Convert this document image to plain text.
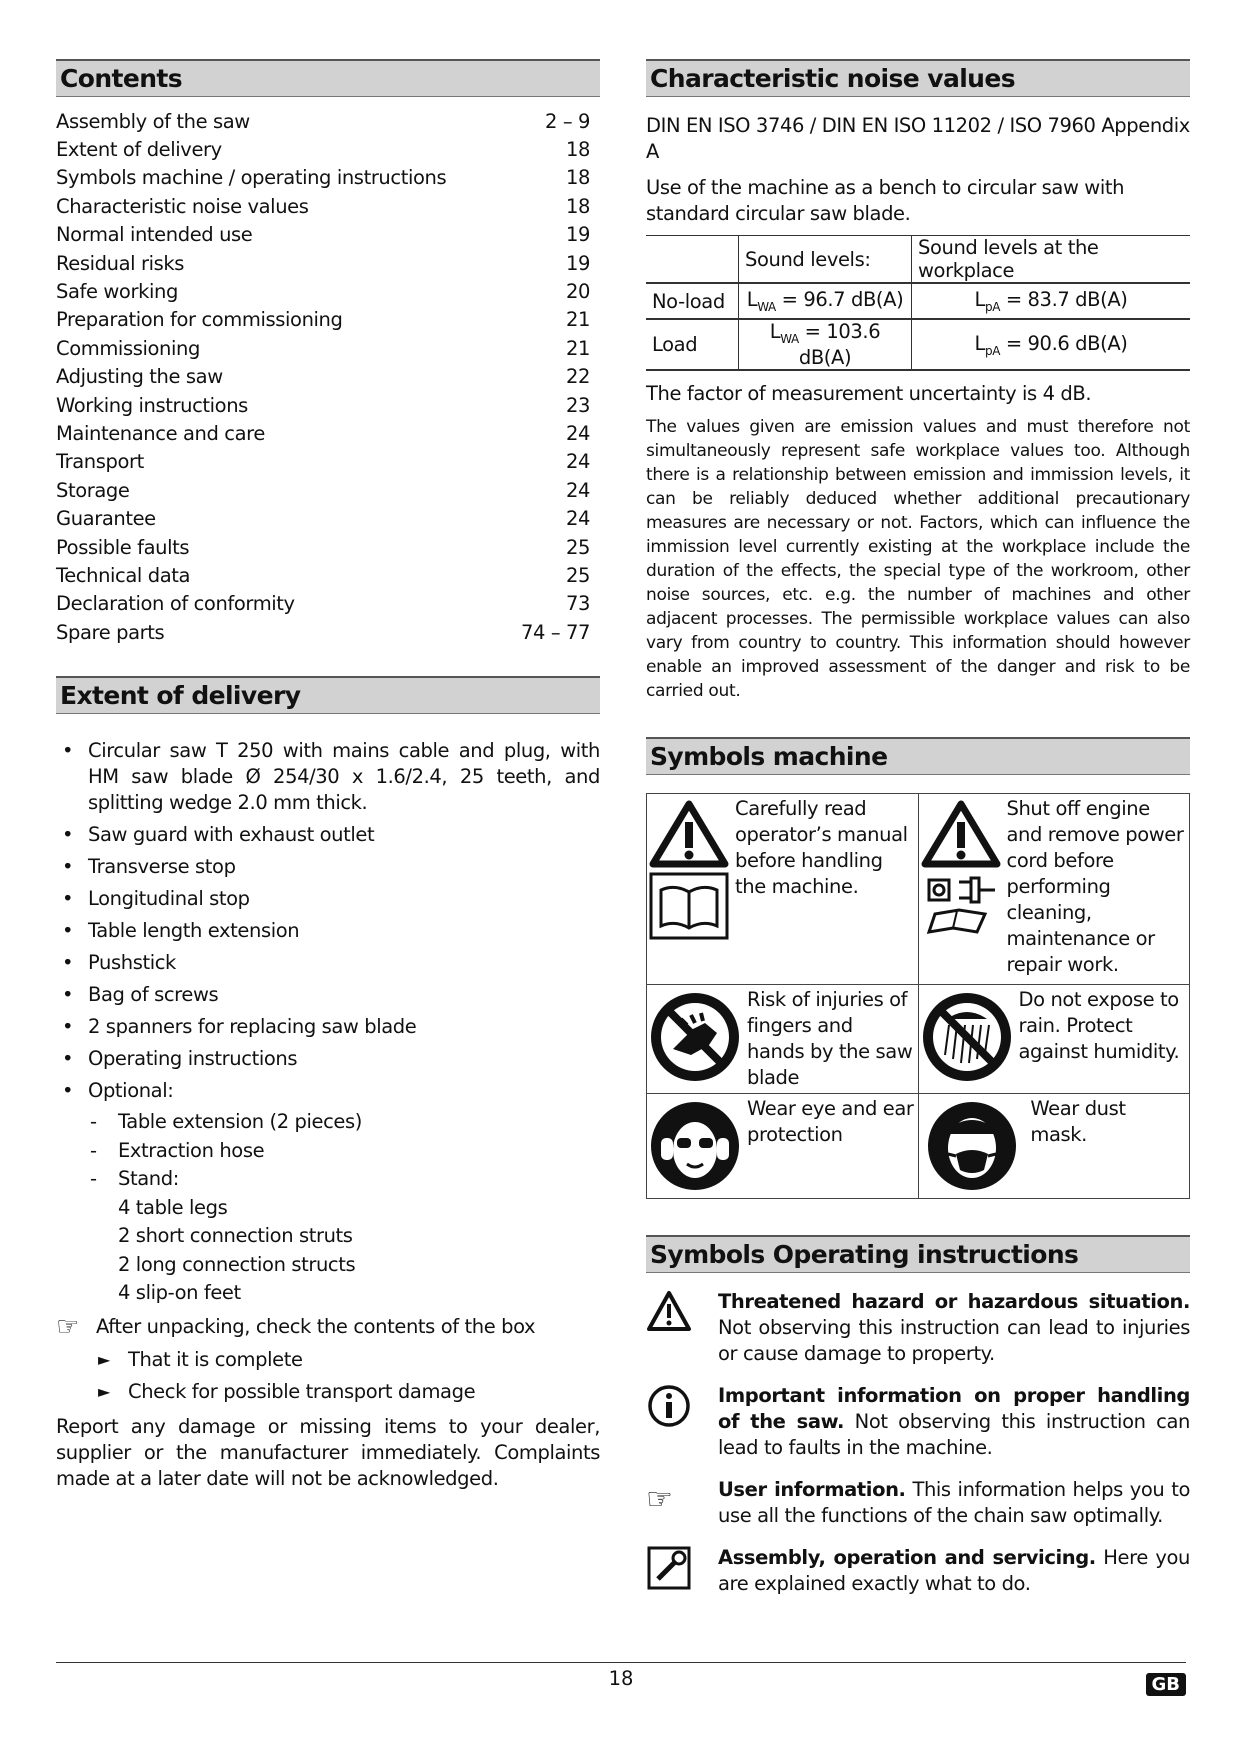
Contents
Assembly of the saw	2 – 9
Extent of delivery	18
Symbols machine / operating instructions	18
Characteristic noise values	18
Normal intended use	19
Residual risks	19
Safe working	20
Preparation for commissioning	21
Commissioning	21
Adjusting the saw	22
Working instructions	23
Maintenance and care	24
Transport	24
Storage	24
Guarantee	24
Possible faults	25
Technical data	25
Declaration of conformity	73
Spare parts	74 – 77
Extent of delivery
• Circular saw T 250 with mains cable and plug, with HM saw blade Ø 254/30 x 1.6/2.4, 25 teeth, and splitting wedge 2.0 mm thick.
• Saw guard with exhaust outlet
• Transverse stop
• Longitudinal stop
• Table length extension
• Pushstick
• Bag of screws
• 2 spanners for replacing saw blade
• Operating instructions
• Optional:
- Table extension (2 pieces)
- Extraction hose
- Stand:
4 table legs
2 short connection struts
2 long connection structs
4 slip-on feet
☞ After unpacking, check the contents of the box
► That it is complete
► Check for possible transport damage
Report any damage or missing items to your dealer, supplier or the manufacturer immediately. Complaints made at a later date will not be acknowledged.
Characteristic noise values
DIN EN ISO 3746 / DIN EN ISO 11202 / ISO 7960 Appendix A
Use of the machine as a bench to circular saw with standard circular saw blade.
	Sound levels:	Sound levels at the workplace
No-load	$L_{WA} = 96.7$ dB(A)	$L_{pA} = 83.7$ dB(A)
Load	$L_{WA} = 103.6$ dB(A)	$L_{pA} = 90.6$ dB(A)
The factor of measurement uncertainty is 4 dB.
The values given are emission values and must therefore not simultaneously represent safe workplace values too. Although there is a relationship between emission and immission levels, it can be reliably deduced whether additional precautionary measures are necessary or not. Factors, which can influence the immission level currently existing at the workplace include the duration of the effects, the special type of the workroom, other noise sources, etc. e.g. the number of machines and other adjacent processes. The permissible workplace values can also vary from country to country. This information should however enable an improved assessment of the danger and risk to be carried out.
Symbols machine
Carefully read operator’s manual before handling the machine.	Shut off engine and remove power cord before performing cleaning, maintenance or repair work.

Risk of injuries of fingers and hands by the saw blade	Do not expose to rain. Protect against humidity.

Wear eye and ear protection	Wear dust mask.
Symbols Operating instructions
Threatened hazard or hazardous situation. Not observing this instruction can lead to injuries or cause damage to property.
Important information on proper handling of the saw. Not observing this instruction can lead to faults in the machine.
☞	User information. This information helps you to use all the functions of the chain saw optimally.
Assembly, operation and servicing. Here you are explained exactly what to do.
18	GB
